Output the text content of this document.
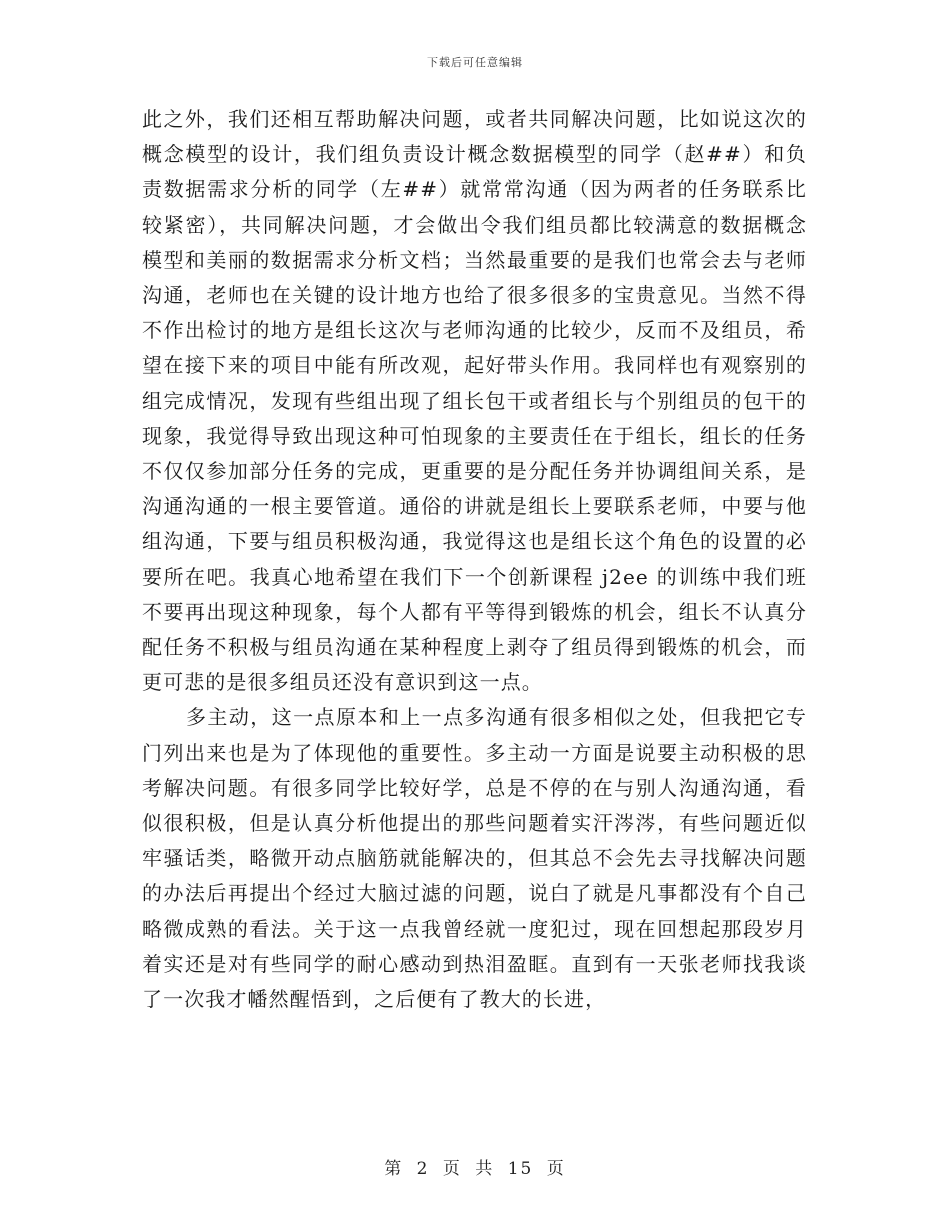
下载后可任意编辑

此之外，我们还相互帮助解决问题，或者共同解决问题，比如说这次的概念模型的设计，我们组负责设计概念数据模型的同学（赵##）和负责数据需求分析的同学（左##）就常常沟通（因为两者的任务联系比较紧密），共同解决问题，才会做出令我们组员都比较满意的数据概念模型和美丽的数据需求分析文档；当然最重要的是我们也常会去与老师沟通，老师也在关键的设计地方也给了很多很多的宝贵意见。当然不得不作出检讨的地方是组长这次与老师沟通的比较少，反而不及组员，希望在接下来的项目中能有所改观，起好带头作用。我同样也有观察别的组完成情况，发现有些组出现了组长包干或者组长与个别组员的包干的现象，我觉得导致出现这种可怕现象的主要责任在于组长，组长的任务不仅仅参加部分任务的完成，更重要的是分配任务并协调组间关系，是沟通沟通的一根主要管道。通俗的讲就是组长上要联系老师，中要与他组沟通，下要与组员积极沟通，我觉得这也是组长这个角色的设置的必要所在吧。我真心地希望在我们下一个创新课程 j2ee 的训练中我们班不要再出现这种现象，每个人都有平等得到锻炼的机会，组长不认真分配任务不积极与组员沟通在某种程度上剥夺了组员得到锻炼的机会，而更可悲的是很多组员还没有意识到这一点。

多主动，这一点原本和上一点多沟通有很多相似之处，但我把它专门列出来也是为了体现他的重要性。多主动一方面是说要主动积极的思考解决问题。有很多同学比较好学，总是不停的在与别人沟通沟通，看似很积极，但是认真分析他提出的那些问题着实汗涔涔，有些问题近似牢骚话类，略微开动点脑筋就能解决的，但其总不会先去寻找解决问题的办法后再提出个经过大脑过滤的问题，说白了就是凡事都没有个自己略微成熟的看法。关于这一点我曾经就一度犯过，现在回想起那段岁月着实还是对有些同学的耐心感动到热泪盈眶。直到有一天张老师找我谈了一次我才幡然醒悟到，之后便有了教大的长进，

第 2 页 共 15 页
